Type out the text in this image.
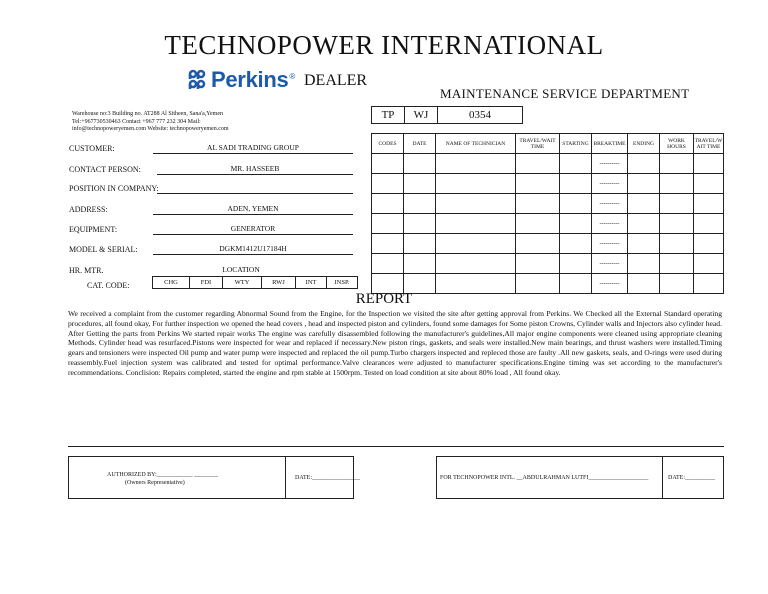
TECHNOPOWER INTERNATIONAL
Perkins ® DEALER
MAINTENANCE SERVICE DEPARTMENT
Warehouse no:3 Building no. AT288 Al Sitheen, Sana'a,Yemen
Tel:+967730530463 Contact +967 777 232 304 Mail:
info@technopoweryemen.com Website: technopoweryemen.com
TP	WJ	0354
CUSTOMER:	AL SADI TRADING GROUP
CONTACT PERSON:	MR. HASSEEB
POSITION IN COMPANY:
ADDRESS:	ADEN, YEMEN
EQUIPMENT:	GENERATOR
MODEL & SERIAL:	DGKM1412U17184H
HR. MTR.	LOCATION
CAT. CODE:	CHG	FDI	WTY	RWJ	INT	INSP.
CODES	DATE	NAME OF TECHNICIAN	TRAVEL/WAIT TIME	STARTING	BREAKTIME	ENDING	WORK HOURS	TRAVEL/W AIT TIME
					----------			
					----------			
					----------			
					----------			
					----------			
					----------			
					----------			
REPORT
We received a complaint from the customer regarding Abnormal Sound from the Engine, for the Inspection we visited the site after getting approval from Perkins. We Checked all the External Standard operating procedures, all found okay, For further inspection we opened the head covers , head and inspected piston and cylinders, found some damages for Some piston Crowns, Cylinder walls and Injectors also cylinder head. After Getting the parts from Perkins We started repair works The engine was carefully disassembled following the manufacturer's guidelines,All major engine components were cleaned using appropriate cleaning Methods. Cylinder head was resurfaced.Pistons were inspected for wear and replaced if necessary.New piston rings, gaskets, and seals were installed.New main bearings, and thrust washers were installed.Timing gears and tensioners were inspected Oil pump and water pump were inspected and replaced the oil pump.Turbo chargers inspected and repleced those are faulty .All new gaskets, seals, and O-rings were used during reassembly.Fuel injection system was calibrated and tested for optimal performance.Valve clearances were adjusted to manufacturer specifications.Engine timing was set according to the manufacturer's recommendations. Conclision: Repairs completed, started the engine and rpm stable at 1500rpm. Tested on load condition at site about 80% load , All found okay.
AUTHORIZED BY:____________ ________
(Owners Representative)
DATE:________________	FOR TECHNOPOWER INTL. __ABDULRAHMAN LUTFI____________________	DATE:__________
